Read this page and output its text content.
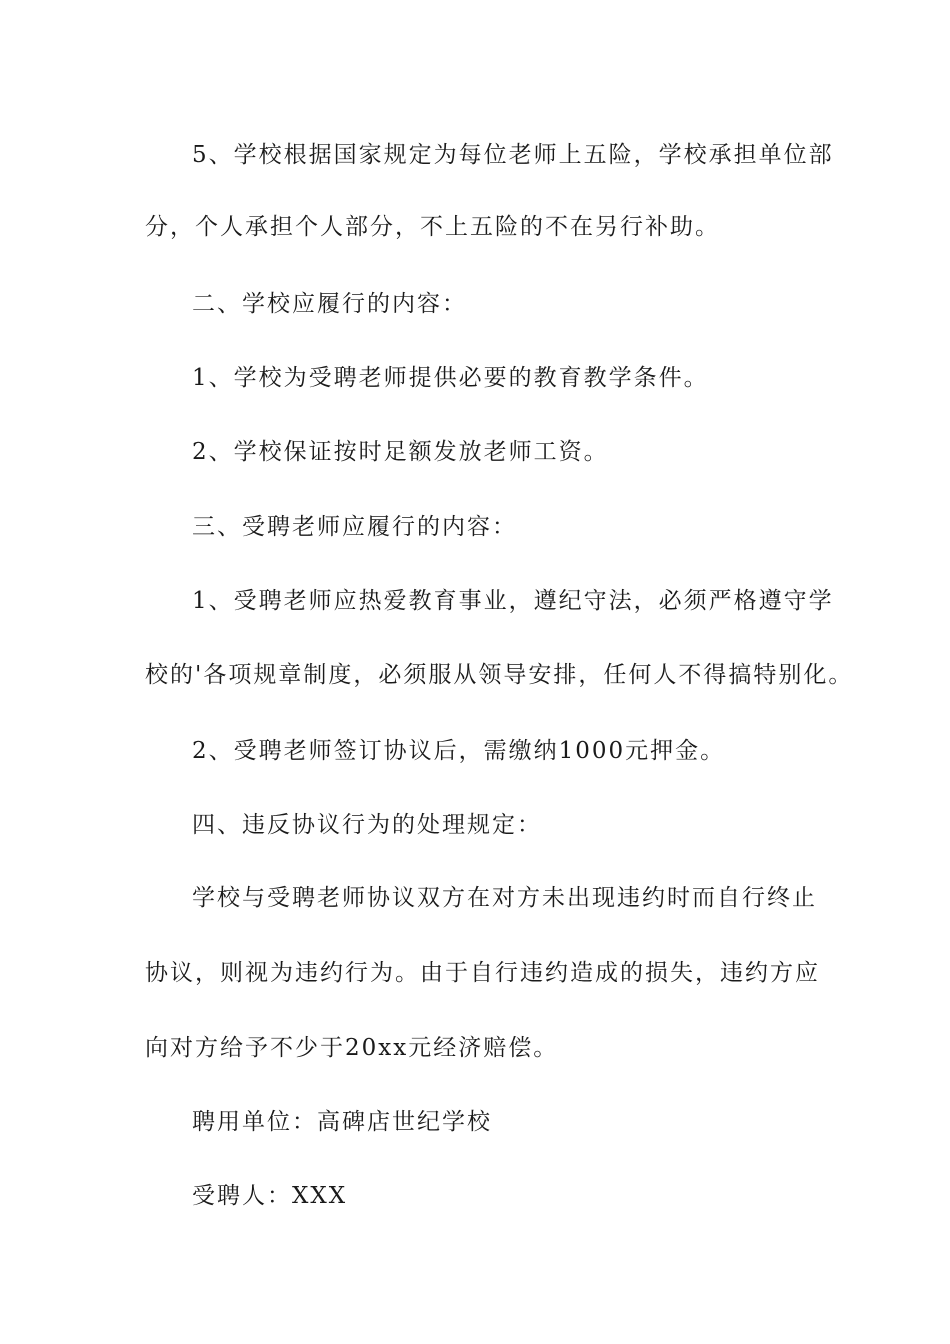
5、学校根据国家规定为每位老师上五险，学校承担单位部
分，个人承担个人部分，不上五险的不在另行补助。
二、学校应履行的内容：
1、学校为受聘老师提供必要的教育教学条件。
2、学校保证按时足额发放老师工资。
三、受聘老师应履行的内容：
1、受聘老师应热爱教育事业，遵纪守法，必须严格遵守学
校的'各项规章制度，必须服从领导安排，任何人不得搞特别化。
2、受聘老师签订协议后，需缴纳1000元押金。
四、违反协议行为的处理规定：
学校与受聘老师协议双方在对方未出现违约时而自行终止
协议，则视为违约行为。由于自行违约造成的损失，违约方应
向对方给予不少于20xx元经济赔偿。
聘用单位：高碑店世纪学校
受聘人：XXX
